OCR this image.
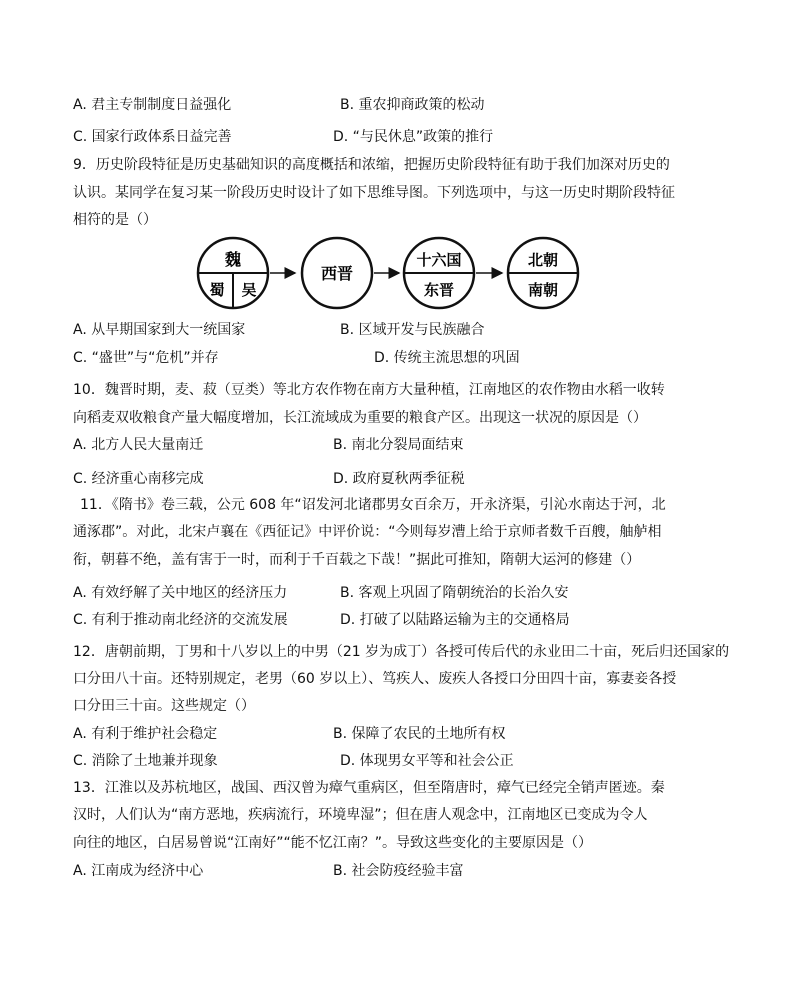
A. 君主专制制度日益强化	B. 重农抑商政策的松动
C. 国家行政体系日益完善	D. “与民休息”政策的推行
9．历史阶段特征是历史基础知识的高度概括和浓缩，把握历史阶段特征有助于我们加深对历史的
认识。某同学在复习某一阶段历史时设计了如下思维导图。下列选项中，与这一历史时期阶段特征
相符的是（）
魏
蜀 吴
西晋
十六国
东晋
北朝
南朝
A. 从早期国家到大一统国家	B. 区域开发与民族融合
C. “盛世”与“危机”并存	D. 传统主流思想的巩固
10．魏晋时期，麦、菽（豆类）等北方农作物在南方大量种植，江南地区的农作物由水稻一收转
向稻麦双收粮食产量大幅度增加，长江流域成为重要的粮食产区。出现这一状况的原因是（）
A. 北方人民大量南迁	B. 南北分裂局面结束
C. 经济重心南移完成	D. 政府夏秋两季征税
11．《隋书》卷三载，公元 608 年“诏发河北诸郡男女百余万，开永济渠，引沁水南达于河，北
通涿郡”。对此，北宋卢襄在《西征记》中评价说：“今则每岁漕上给于京师者数千百艘，舳舻相
衔，朝暮不绝，盖有害于一时，而利于千百载之下哉！”据此可推知，隋朝大运河的修建（）
A. 有效纾解了关中地区的经济压力	B. 客观上巩固了隋朝统治的长治久安
C. 有利于推动南北经济的交流发展	D. 打破了以陆路运输为主的交通格局
12．唐朝前期，丁男和十八岁以上的中男（21 岁为成丁）各授可传后代的永业田二十亩，死后归还国家的
口分田八十亩。还特别规定，老男（60 岁以上）、笃疾人、废疾人各授口分田四十亩，寡妻妾各授
口分田三十亩。这些规定（）
A. 有利于维护社会稳定	B. 保障了农民的土地所有权
C. 消除了土地兼并现象	D. 体现男女平等和社会公正
13．江淮以及苏杭地区，战国、西汉曾为瘴气重病区，但至隋唐时，瘴气已经完全销声匿迹。秦
汉时，人们认为“南方恶地，疾病流行，环境卑湿”；但在唐人观念中，江南地区已变成为令人
向往的地区，白居易曾说“江南好”“能不忆江南？”。导致这些变化的主要原因是（）
A. 江南成为经济中心	B. 社会防疫经验丰富
